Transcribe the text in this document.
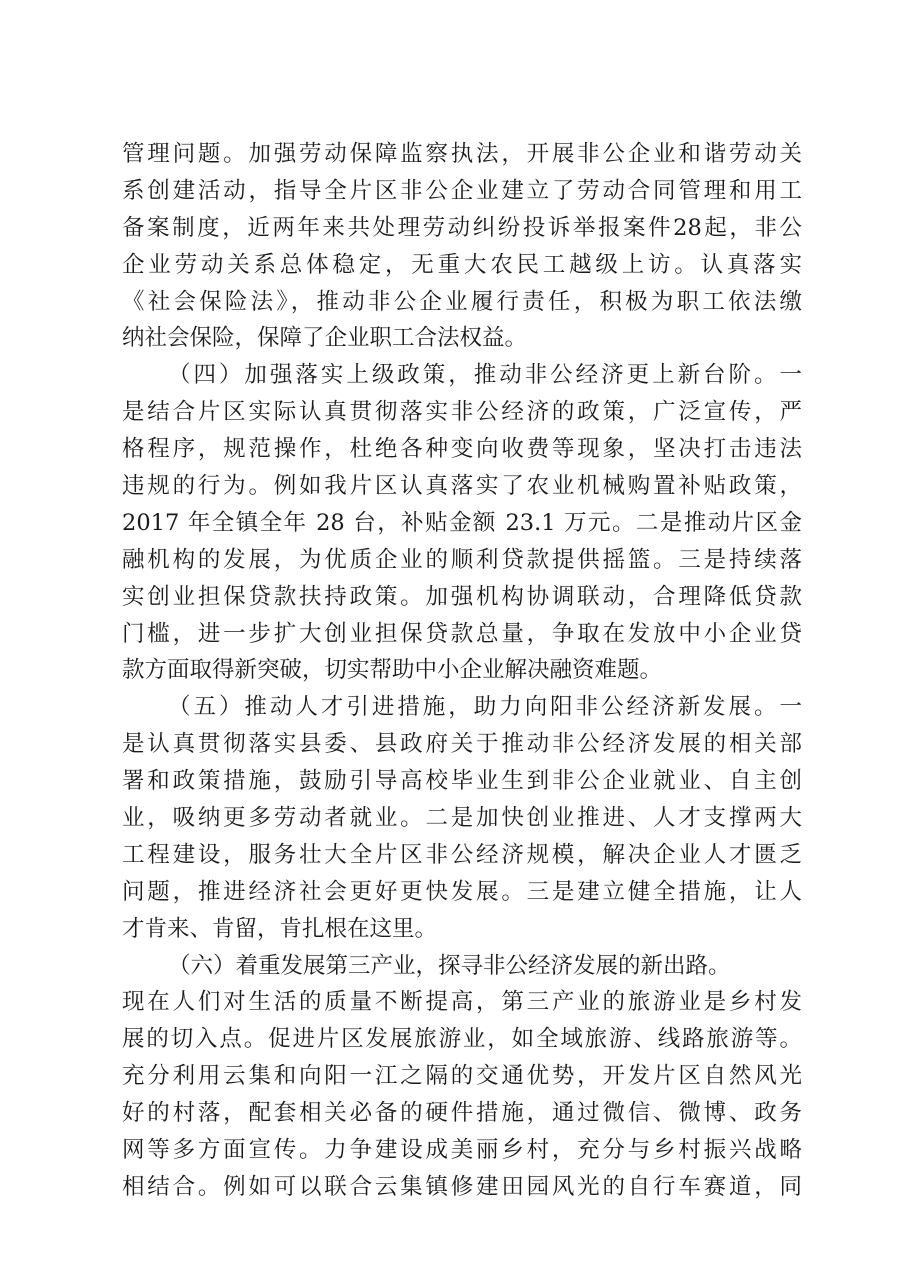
管理问题。加强劳动保障监察执法，开展非公企业和谐劳动关
系创建活动，指导全片区非公企业建立了劳动合同管理和用工
备案制度，近两年来共处理劳动纠纷投诉举报案件28起，非公
企业劳动关系总体稳定，无重大农民工越级上访。认真落实
《社会保险法》，推动非公企业履行责任，积极为职工依法缴
纳社会保险，保障了企业职工合法权益。
（四）加强落实上级政策，推动非公经济更上新台阶。一
是结合片区实际认真贯彻落实非公经济的政策，广泛宣传，严
格程序，规范操作，杜绝各种变向收费等现象，坚决打击违法
违规的行为。例如我片区认真落实了农业机械购置补贴政策，
2017 年全镇全年 28 台，补贴金额 23.1 万元。二是推动片区金
融机构的发展，为优质企业的顺利贷款提供摇篮。三是持续落
实创业担保贷款扶持政策。加强机构协调联动，合理降低贷款
门槛，进一步扩大创业担保贷款总量，争取在发放中小企业贷
款方面取得新突破，切实帮助中小企业解决融资难题。
（五）推动人才引进措施，助力向阳非公经济新发展。一
是认真贯彻落实县委、县政府关于推动非公经济发展的相关部
署和政策措施，鼓励引导高校毕业生到非公企业就业、自主创
业，吸纳更多劳动者就业。二是加快创业推进、人才支撑两大
工程建设，服务壮大全片区非公经济规模，解决企业人才匮乏
问题，推进经济社会更好更快发展。三是建立健全措施，让人
才肯来、肯留，肯扎根在这里。
（六）着重发展第三产业，探寻非公经济发展的新出路。
现在人们对生活的质量不断提高，第三产业的旅游业是乡村发
展的切入点。促进片区发展旅游业，如全域旅游、线路旅游等。
充分利用云集和向阳一江之隔的交通优势，开发片区自然风光
好的村落，配套相关必备的硬件措施，通过微信、微博、政务
网等多方面宣传。力争建设成美丽乡村，充分与乡村振兴战略
相结合。例如可以联合云集镇修建田园风光的自行车赛道，同
